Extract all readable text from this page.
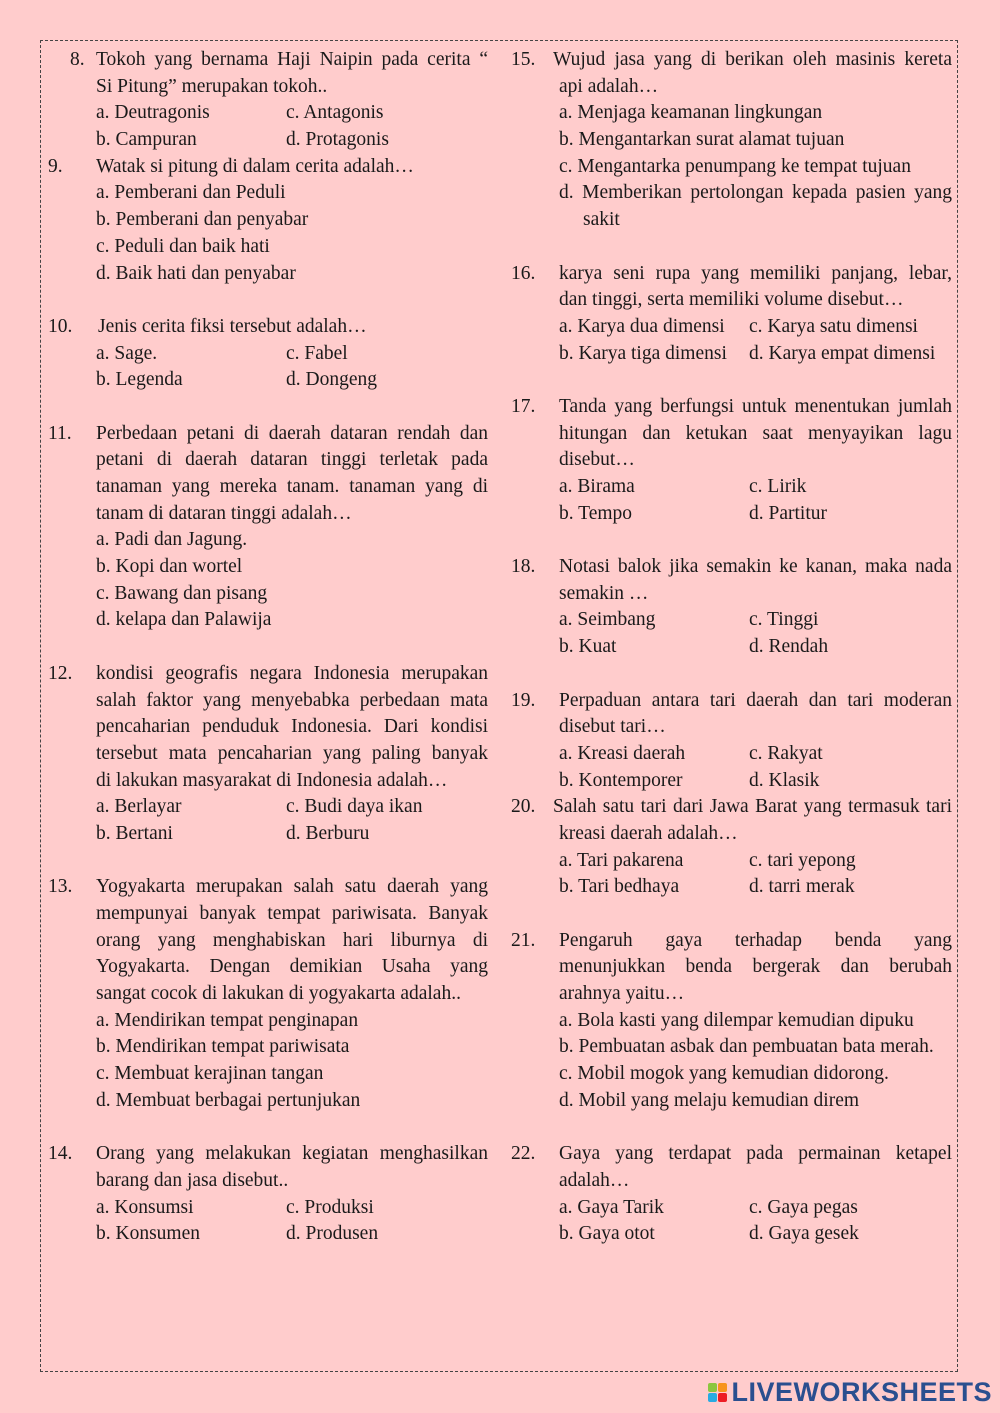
8. Tokoh yang bernama Haji Naipin pada cerita “
Si Pitung” merupakan tokoh..
a. Deutragonis	c. Antagonis
b. Campuran	d. Protagonis
9. Watak si pitung di dalam cerita adalah…
a. Pemberani dan Peduli
b. Pemberani dan penyabar
c. Peduli dan baik hati
d. Baik hati dan penyabar
10. Jenis cerita fiksi tersebut adalah…
a. Sage.	c. Fabel
b. Legenda	d. Dongeng
11. Perbedaan petani di daerah dataran rendah dan
petani di daerah dataran tinggi terletak pada
tanaman yang mereka tanam. tanaman yang di
tanam di dataran tinggi adalah…
a. Padi dan Jagung.
b. Kopi dan wortel
c. Bawang dan pisang
d. kelapa dan Palawija
12. kondisi geografis negara Indonesia merupakan
salah faktor yang menyebabka perbedaan mata
pencaharian penduduk Indonesia. Dari kondisi
tersebut mata pencaharian yang paling banyak
di lakukan masyarakat di Indonesia adalah…
a. Berlayar	c. Budi daya ikan
b. Bertani	d. Berburu
13. Yogyakarta merupakan salah satu daerah yang
mempunyai banyak tempat pariwisata. Banyak
orang yang menghabiskan hari liburnya di
Yogyakarta. Dengan demikian Usaha yang
sangat cocok di lakukan di yogyakarta adalah..
a. Mendirikan tempat penginapan
b. Mendirikan tempat pariwisata
c. Membuat kerajinan tangan
d. Membuat berbagai pertunjukan
14. Orang yang melakukan kegiatan menghasilkan
barang dan jasa disebut..
a. Konsumsi	c. Produksi
b. Konsumen	d. Produsen
15. Wujud jasa yang di berikan oleh masinis kereta
api adalah…
a. Menjaga keamanan lingkungan
b. Mengantarkan surat alamat tujuan
c. Mengantarka penumpang ke tempat tujuan
d. Memberikan pertolongan kepada pasien yang
sakit
16. karya seni rupa yang memiliki panjang, lebar,
dan tinggi, serta memiliki volume disebut…
a. Karya dua dimensi c. Karya satu dimensi
b. Karya tiga dimensi d. Karya empat dimensi
17. Tanda yang berfungsi untuk menentukan jumlah
hitungan dan ketukan saat menyayikan lagu
disebut…
a. Birama	c. Lirik
b. Tempo	d. Partitur
18. Notasi balok jika semakin ke kanan, maka nada
semakin …
a. Seimbang	c. Tinggi
b. Kuat	d. Rendah
19. Perpaduan antara tari daerah dan tari moderan
disebut tari…
a. Kreasi daerah	c. Rakyat
b. Kontemporer	d. Klasik
20. Salah satu tari dari Jawa Barat yang termasuk tari
kreasi daerah adalah…
a. Tari pakarena	c. tari yepong
b. Tari bedhaya	d. tarri merak
21. Pengaruh gaya terhadap benda yang
menunjukkan benda bergerak dan berubah
arahnya yaitu…
a. Bola kasti yang dilempar kemudian dipuku
b. Pembuatan asbak dan pembuatan bata merah.
c. Mobil mogok yang kemudian didorong.
d. Mobil yang melaju kemudian direm
22. Gaya yang terdapat pada permainan ketapel
adalah…
a. Gaya Tarik	c. Gaya pegas
b. Gaya otot	d. Gaya gesek
LIVEWORKSHEETS
